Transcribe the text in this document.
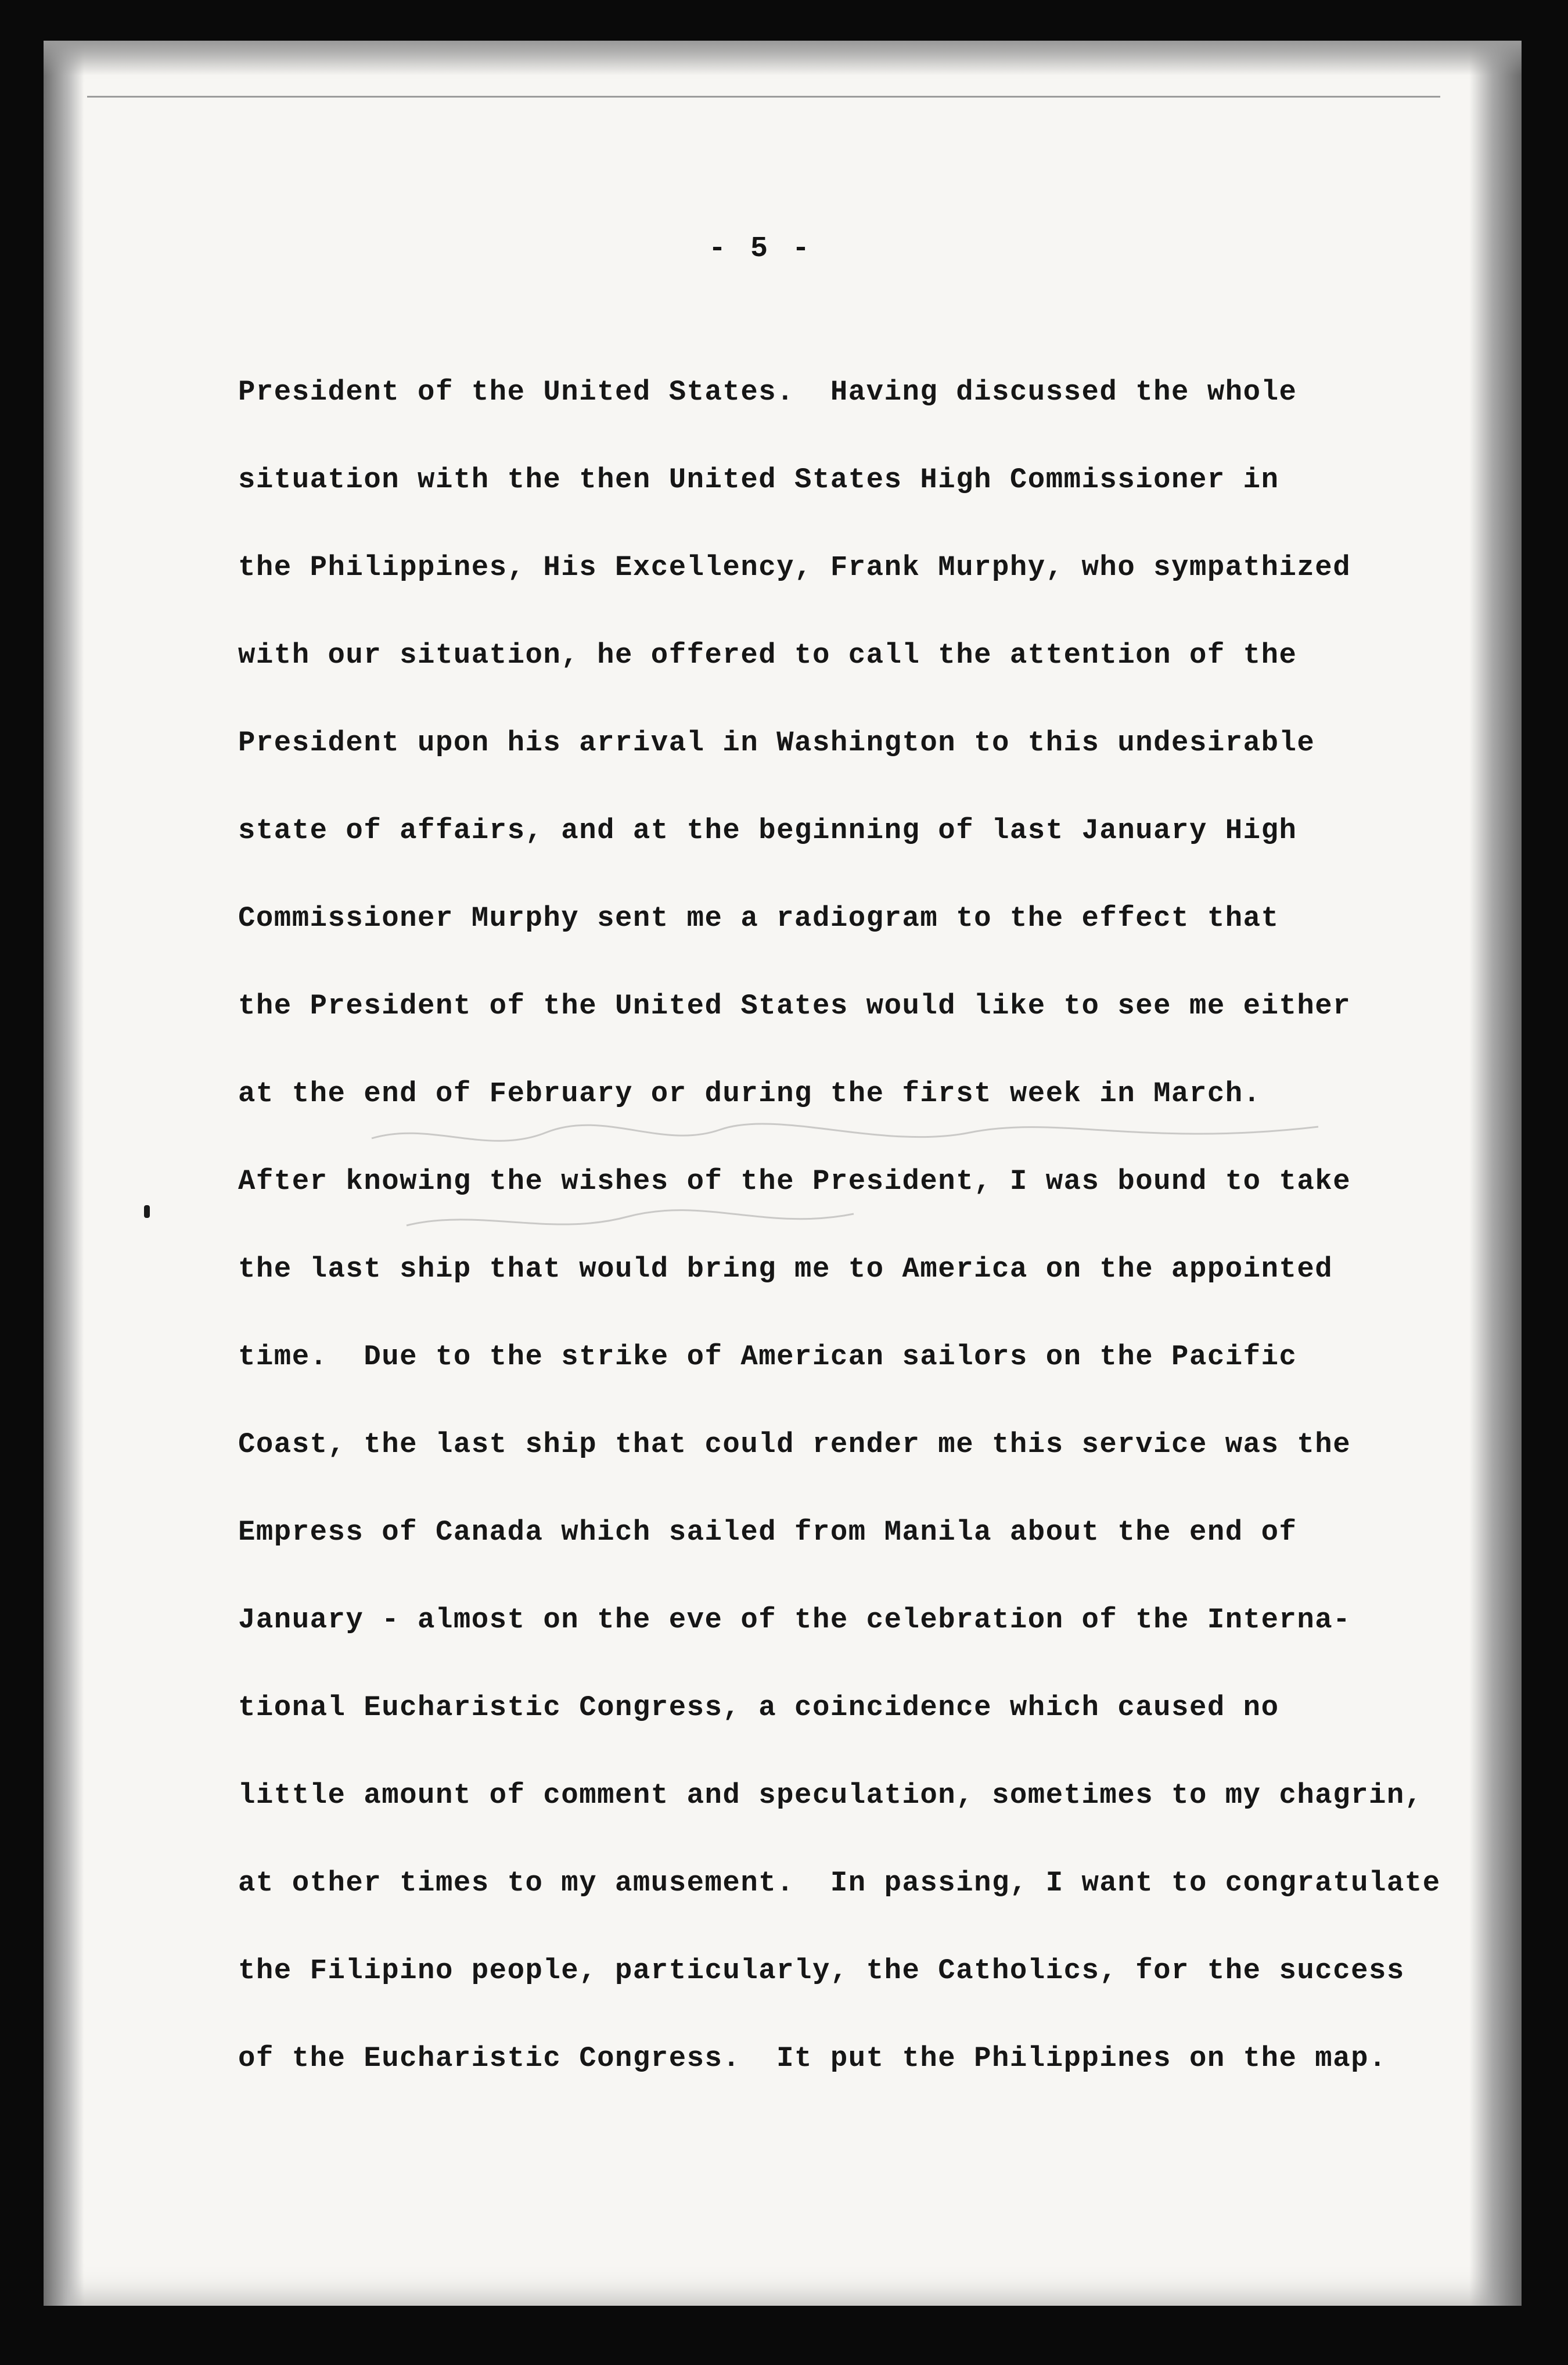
- 5 -
President of the United States.  Having discussed the whole
situation with the then United States High Commissioner in
the Philippines, His Excellency, Frank Murphy, who sympathized
with our situation, he offered to call the attention of the
President upon his arrival in Washington to this undesirable
state of affairs, and at the beginning of last January High
Commissioner Murphy sent me a radiogram to the effect that
the President of the United States would like to see me either
at the end of February or during the first week in March.
After knowing the wishes of the President, I was bound to take
the last ship that would bring me to America on the appointed
time.  Due to the strike of American sailors on the Pacific
Coast, the last ship that could render me this service was the
Empress of Canada which sailed from Manila about the end of
January - almost on the eve of the celebration of the Interna-
tional Eucharistic Congress, a coincidence which caused no
little amount of comment and speculation, sometimes to my chagrin,
at other times to my amusement.  In passing, I want to congratulate
the Filipino people, particularly, the Catholics, for the success
of the Eucharistic Congress.  It put the Philippines on the map.
